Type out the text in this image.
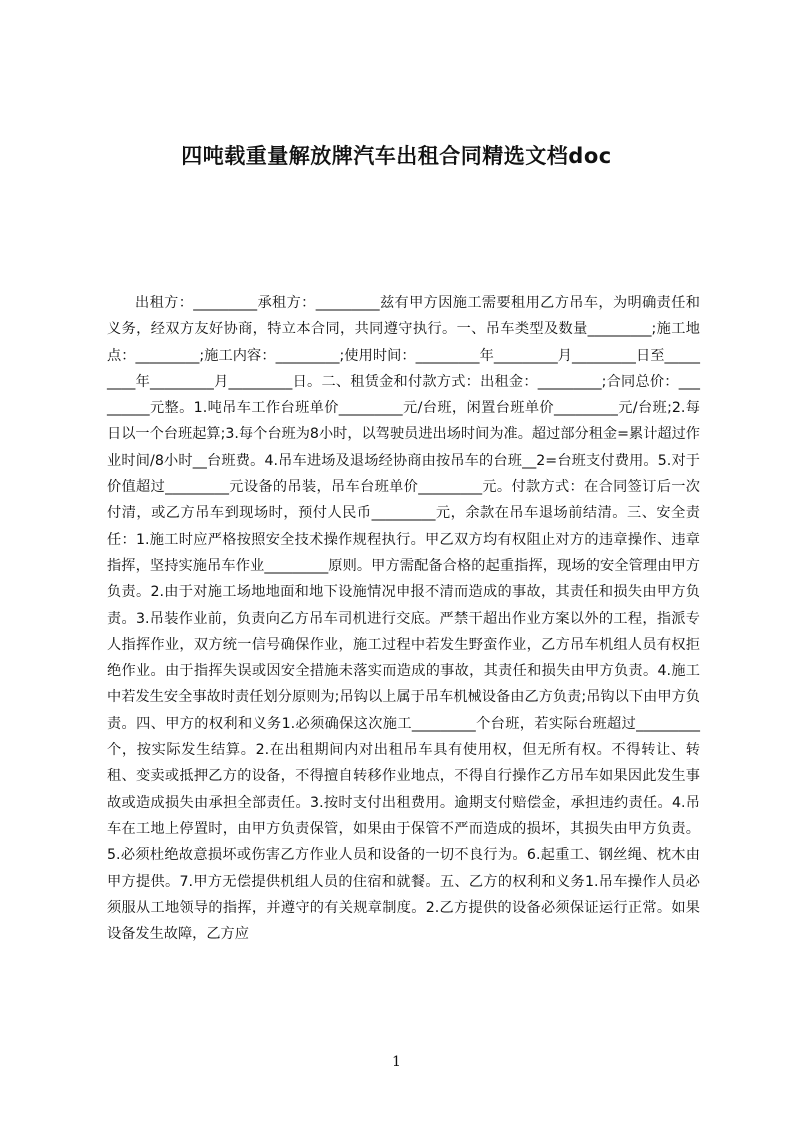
四吨载重量解放牌汽车出租合同精选文档doc

出租方：_________承租方：_________兹有甲方因施工需要租用乙方吊车，为明确责任和义务，经双方友好协商，特立本合同，共同遵守执行。一、吊车类型及数量_________;施工地点：_________;施工内容：_________;使用时间：_________年_________月_________日至_________年_________月_________日。二、租赁金和付款方式：出租金：_________;合同总价：_________元整。1.吨吊车工作台班单价_________元/台班，闲置台班单价_________元/台班;2.每日以一个台班起算;3.每个台班为8小时，以驾驶员进出场时间为准。超过部分租金=累计超过作业时间/8小时__台班费。4.吊车进场及退场经协商由按吊车的台班__2=台班支付费用。5.对于价值超过_________元设备的吊装，吊车台班单价_________元。付款方式：在合同签订后一次付清，或乙方吊车到现场时，预付人民币_________元，余款在吊车退场前结清。三、安全责任：1.施工时应严格按照安全技术操作规程执行。甲乙双方均有权阻止对方的违章操作、违章指挥，坚持实施吊车作业_________原则。甲方需配备合格的起重指挥，现场的安全管理由甲方负责。2.由于对施工场地地面和地下设施情况申报不清而造成的事故，其责任和损失由甲方负责。3.吊装作业前，负责向乙方吊车司机进行交底。严禁干超出作业方案以外的工程，指派专人指挥作业，双方统一信号确保作业，施工过程中若发生野蛮作业，乙方吊车机组人员有权拒绝作业。由于指挥失误或因安全措施未落实而造成的事故，其责任和损失由甲方负责。4.施工中若发生安全事故时责任划分原则为;吊钩以上属于吊车机械设备由乙方负责;吊钩以下由甲方负责。四、甲方的权利和义务1.必须确保这次施工_________个台班，若实际台班超过_________个，按实际发生结算。2.在出租期间内对出租吊车具有使用权，但无所有权。不得转让、转租、变卖或抵押乙方的设备，不得擅自转移作业地点，不得自行操作乙方吊车如果因此发生事故或造成损失由承担全部责任。3.按时支付出租费用。逾期支付赔偿金，承担违约责任。4.吊车在工地上停置时，由甲方负责保管，如果由于保管不严而造成的损坏，其损失由甲方负责。5.必须杜绝故意损坏或伤害乙方作业人员和设备的一切不良行为。6.起重工、钢丝绳、枕木由甲方提供。7.甲方无偿提供机组人员的住宿和就餐。五、乙方的权利和义务1.吊车操作人员必须服从工地领导的指挥，并遵守的有关规章制度。2.乙方提供的设备必须保证运行正常。如果设备发生故障，乙方应

1
